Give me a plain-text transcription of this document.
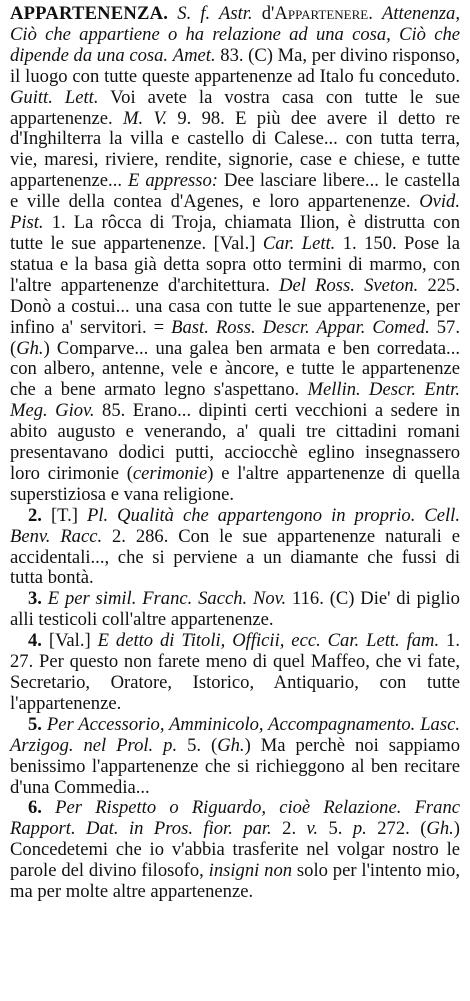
APPARTENENZA. S. f. Astr. d'Appartenere. Attenenza, Ciò che appartiene o ha relazione ad una cosa, Ciò che dipende da una cosa. Amet. 83. (C) Ma, per divino risponso, il luogo con tutte queste appartenenze ad Italo fu conceduto. Guitt. Lett. Voi avete la vostra casa con tutte le sue appartenenze. M. V. 9. 98. E più dee avere il detto re d'Inghilterra la villa e castello di Calese... con tutta terra, vie, maresi, riviere, rendite, signorie, case e chiese, e tutte appartenenze... E appresso: Dee lasciare libere... le castella e ville della contea d'Agenes, e loro appartenenze. Ovid. Pist. 1. La rôcca di Troja, chiamata Ilion, è distrutta con tutte le sue appartenenze. [Val.] Car. Lett. 1. 150. Pose la statua e la basa già detta sopra otto termini di marmo, con l'altre appartenenze d'architettura. Del Ross. Sveton. 225. Donò a costui... una casa con tutte le sue appartenenze, per infino a' servitori. = Bast. Ross. Descr. Appar. Comed. 57. (Gh.) Comparve... una galea ben armata e ben corredata... con albero, antenne, vele e àncore, e tutte le appartenenze che a bene armato legno s'aspettano. Mellin. Descr. Entr. Meg. Giov. 85. Erano... dipinti certi vecchioni a sedere in abito augusto e venerando, a' quali tre cittadini romani presentavano dodici putti, acciocchè eglino insegnassero loro cirimonie (cerimonie) e l'altre appartenenze di quella superstiziosa e vana religione.

2. [T.] Pl. Qualità che appartengono in proprio. Cell. Benv. Racc. 2. 286. Con le sue appartenenze naturali e accidentali..., che si perviene a un diamante che fussi di tutta bontà.

3. E per simil. Franc. Sacch. Nov. 116. (C) Die' di piglio alli testicoli coll'altre appartenenze.

4. [Val.] E detto di Titoli, Officii, ecc. Car. Lett. fam. 1. 27. Per questo non farete meno di quel Maffeo, che vi fate, Secretario, Oratore, Istorico, Antiquario, con tutte l'appartenenze.

5. Per Accessorio, Amminicolo, Accompagnamento. Lasc. Arzigog. nel Prol. p. 5. (Gh.) Ma perchè noi sappiamo benissimo l'appartenenze che si richieggono al ben recitare d'una Commedia...

6. Per Rispetto o Riguardo, cioè Relazione. Franc Rapport. Dat. in Pros. fior. par. 2. v. 5. p. 272. (Gh.) Concedetemi che io v'abbia trasferite nel volgar nostro le parole del divino filosofo, insigni non solo per l'intento mio, ma per molte altre appartenenze.
